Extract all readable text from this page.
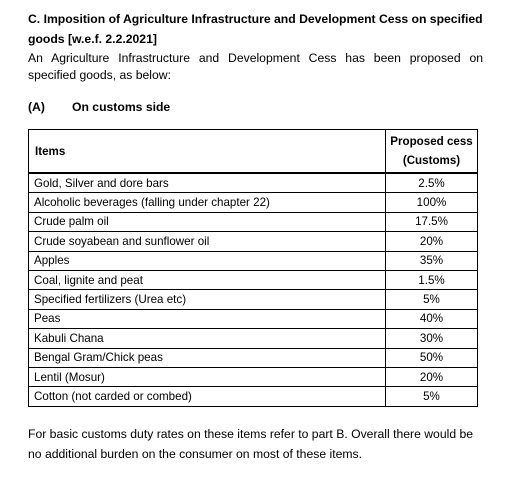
C. Imposition of Agriculture Infrastructure and Development Cess on specified goods [w.e.f. 2.2.2021]
An Agriculture Infrastructure and Development Cess has been proposed on specified goods, as below:
(A) On customs side
Items	Proposed cess
(Customs)

Gold, Silver and dore bars	2.5%
Alcoholic beverages (falling under chapter 22)	100%
Crude palm oil	17.5%
Crude soyabean and sunflower oil	20%
Apples	35%
Coal, lignite and peat	1.5%
Specified fertilizers (Urea etc)	5%
Peas	40%
Kabuli Chana	30%
Bengal Gram/Chick peas	50%
Lentil (Mosur)	20%
Cotton (not carded or combed)	5%
For basic customs duty rates on these items refer to part B. Overall there would be no additional burden on the consumer on most of these items.
